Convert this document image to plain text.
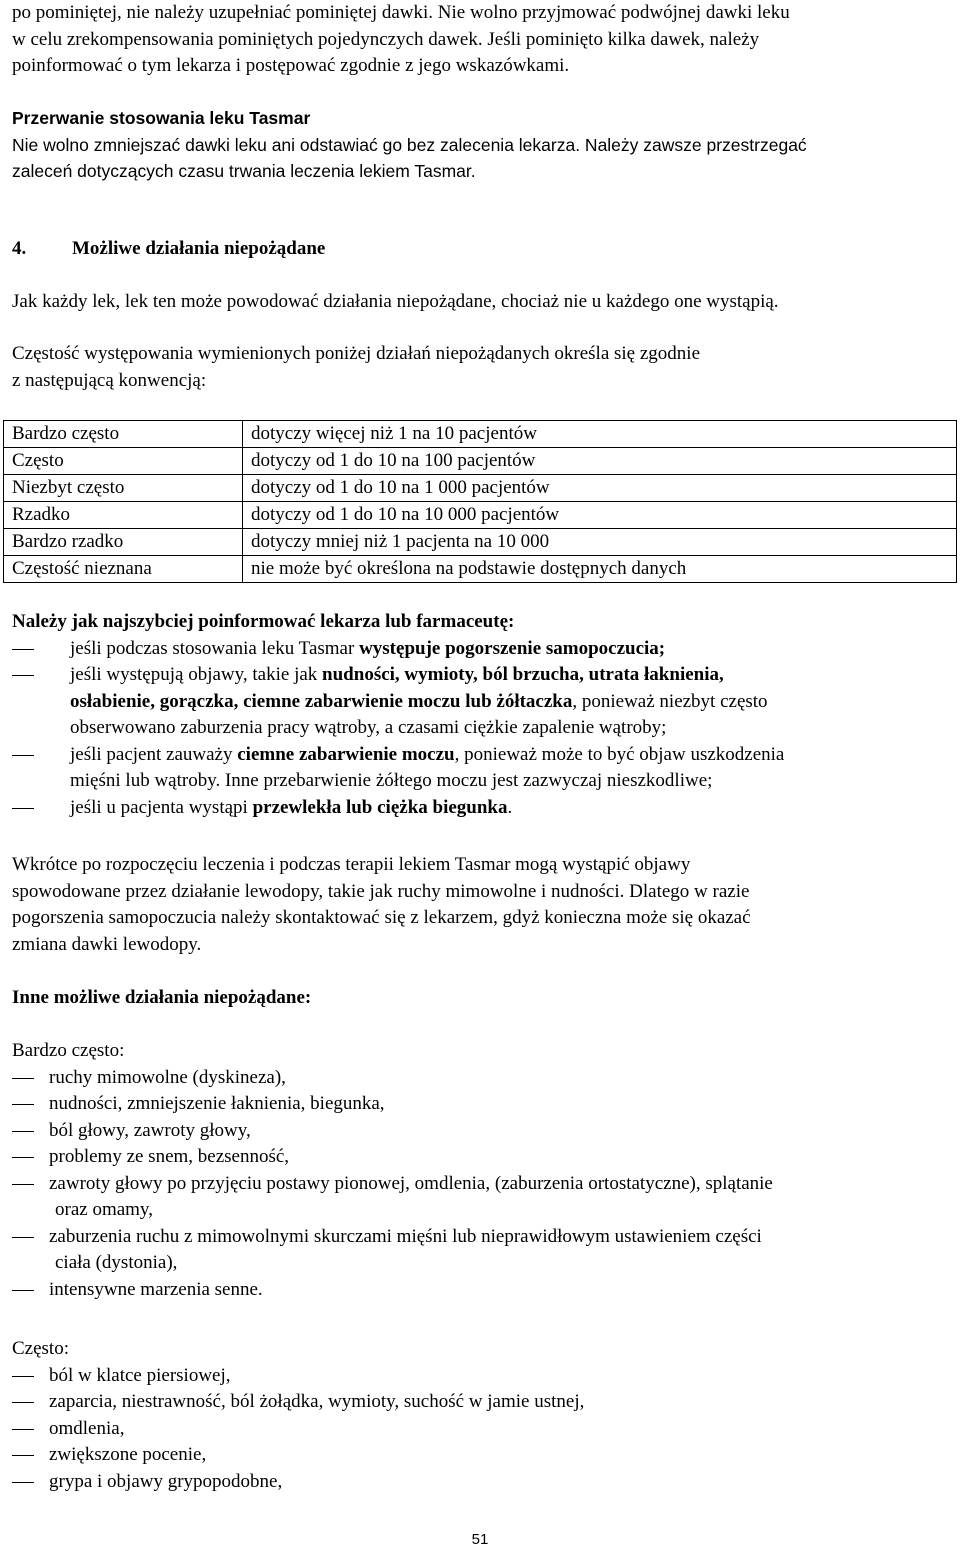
po pominiętej, nie należy uzupełniać pominiętej dawki. Nie wolno przyjmować podwójnej dawki leku
w celu zrekompensowania pominiętych pojedynczych dawek. Jeśli pominięto kilka dawek, należy
poinformować o tym lekarza i postępować zgodnie z jego wskazówkami.
Przerwanie stosowania leku Tasmar
Nie wolno zmniejszać dawki leku ani odstawiać go bez zalecenia lekarza. Należy zawsze przestrzegać
zaleceń dotyczących czasu trwania leczenia lekiem Tasmar.
4. Możliwe działania niepożądane
Jak każdy lek, lek ten może powodować działania niepożądane, chociaż nie u każdego one wystąpią.
Częstość występowania wymienionych poniżej działań niepożądanych określa się zgodnie
z następującą konwencją:
Bardzo często	dotyczy więcej niż 1 na 10 pacjentów
Często	dotyczy od 1 do 10 na 100 pacjentów
Niezbyt często	dotyczy od 1 do 10 na 1 000 pacjentów
Rzadko	dotyczy od 1 do 10 na 10 000 pacjentów
Bardzo rzadko	dotyczy mniej niż 1 pacjenta na 10 000
Częstość nieznana	nie może być określona na podstawie dostępnych danych
Należy jak najszybciej poinformować lekarza lub farmaceutę:
jeśli podczas stosowania leku Tasmar występuje pogorszenie samopoczucia;
jeśli występują objawy, takie jak nudności, wymioty, ból brzucha, utrata łaknienia,
osłabienie, gorączka, ciemne zabarwienie moczu lub żółtaczka, ponieważ niezbyt często
obserwowano zaburzenia pracy wątroby, a czasami ciężkie zapalenie wątroby;
jeśli pacjent zauważy ciemne zabarwienie moczu, ponieważ może to być objaw uszkodzenia
mięśni lub wątroby. Inne przebarwienie żółtego moczu jest zazwyczaj nieszkodliwe;
jeśli u pacjenta wystąpi przewlekła lub ciężka biegunka.
Wkrótce po rozpoczęciu leczenia i podczas terapii lekiem Tasmar mogą wystąpić objawy
spowodowane przez działanie lewodopy, takie jak ruchy mimowolne i nudności. Dlatego w razie
pogorszenia samopoczucia należy skontaktować się z lekarzem, gdyż konieczna może się okazać
zmiana dawki lewodopy.
Inne możliwe działania niepożądane:
Bardzo często:
ruchy mimowolne (dyskineza),
nudności, zmniejszenie łaknienia, biegunka,
ból głowy, zawroty głowy,
problemy ze snem, bezsenność,
zawroty głowy po przyjęciu postawy pionowej, omdlenia, (zaburzenia ortostatyczne), splątanie
oraz omamy,
zaburzenia ruchu z mimowolnymi skurczami mięśni lub nieprawidłowym ustawieniem części
ciała (dystonia),
intensywne marzenia senne.
Często:
ból w klatce piersiowej,
zaparcia, niestrawność, ból żołądka, wymioty, suchość w jamie ustnej,
omdlenia,
zwiększone pocenie,
grypa i objawy grypopodobne,
51
